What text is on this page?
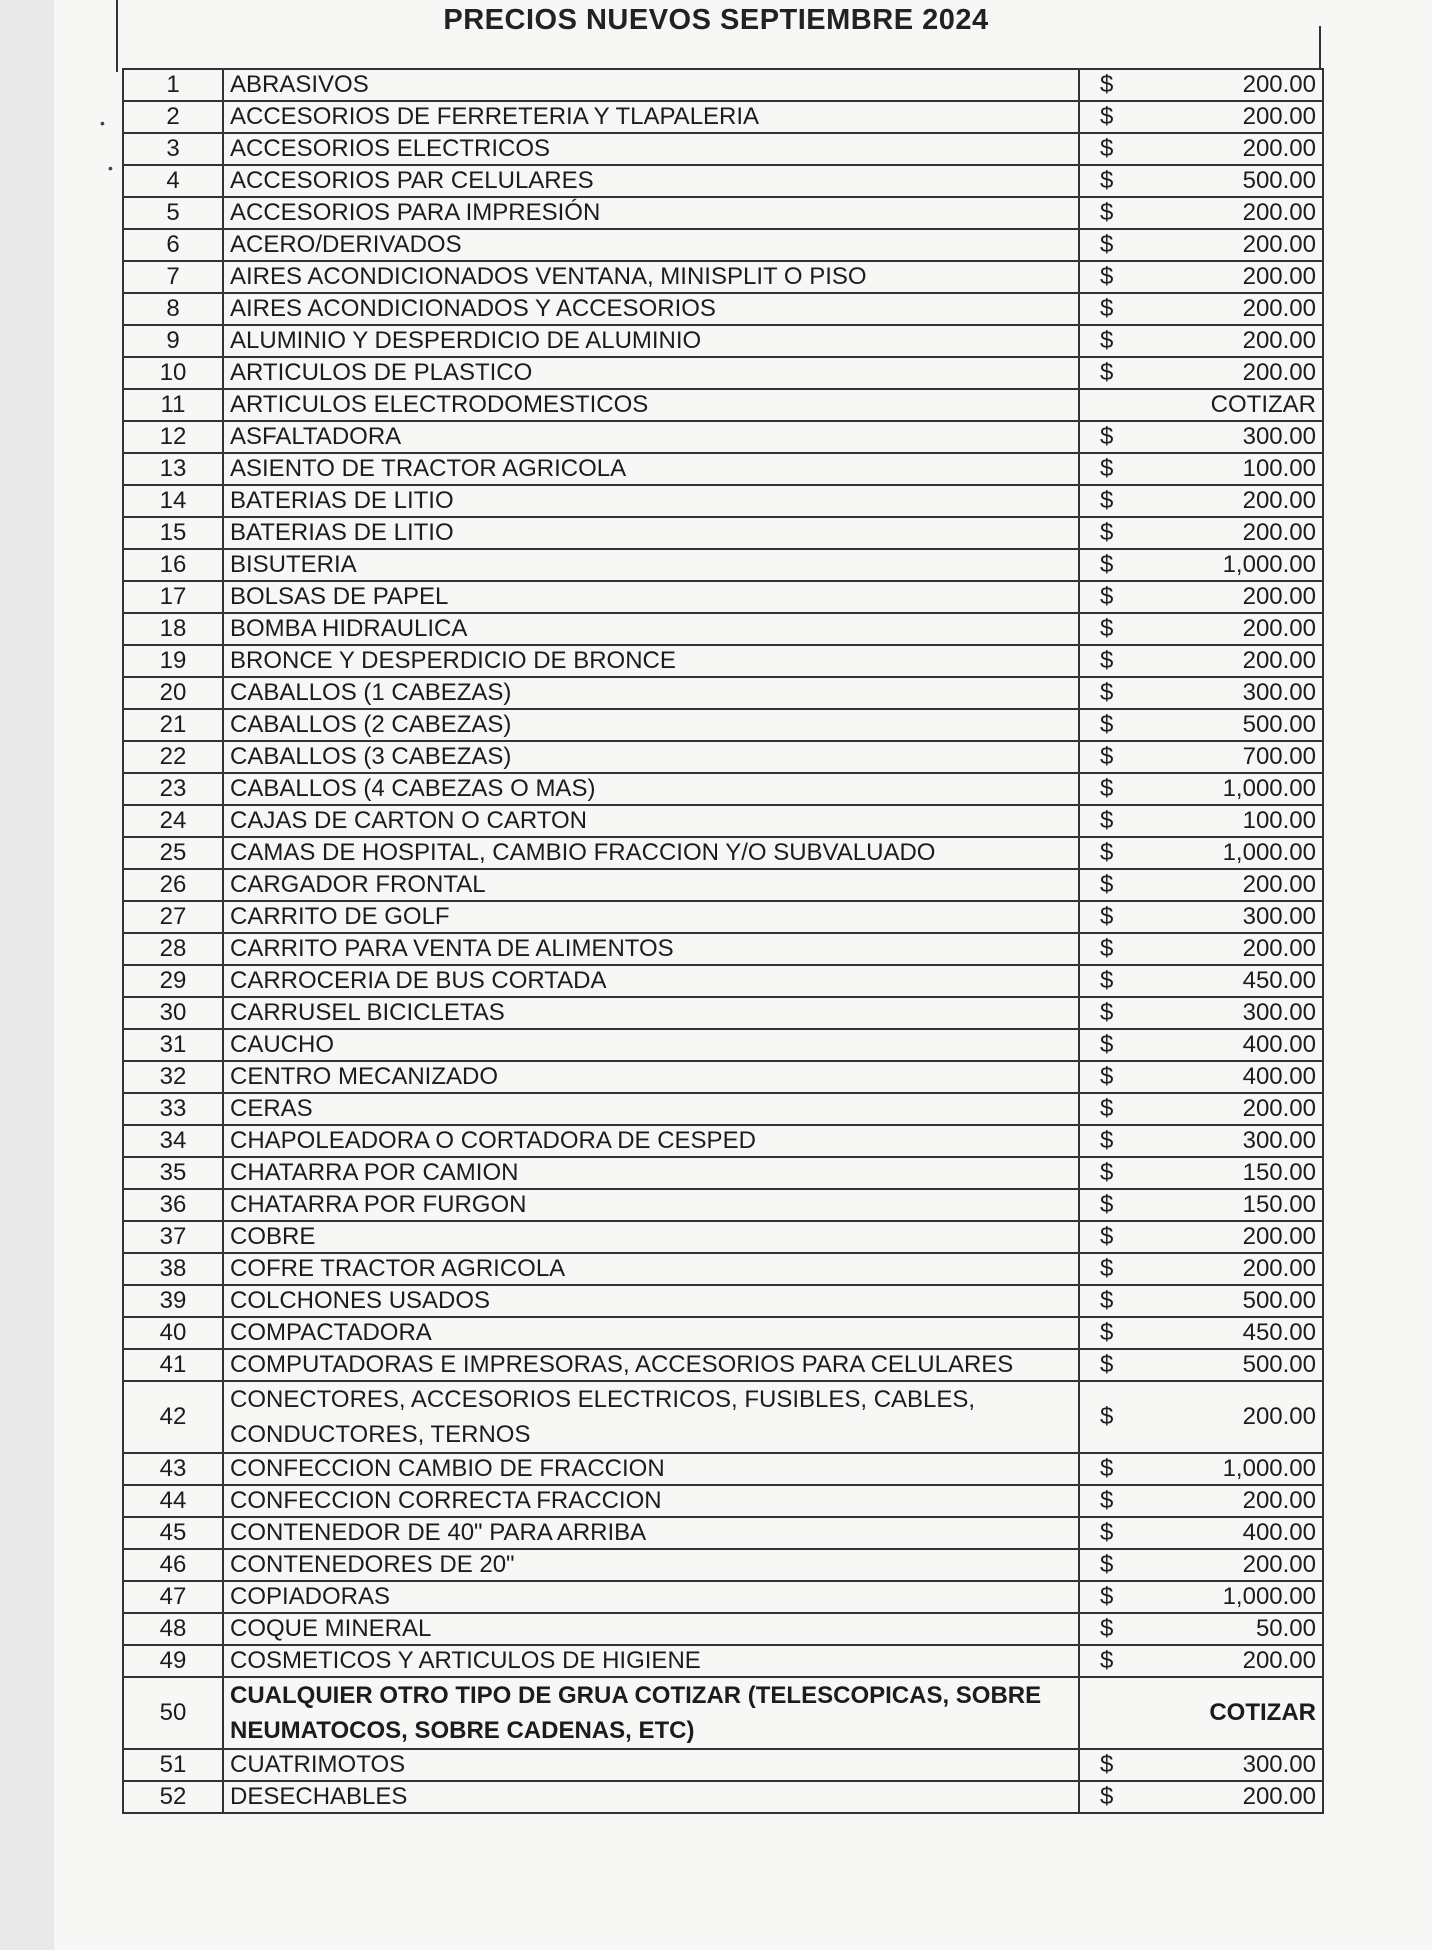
PRECIOS NUEVOS SEPTIEMBRE 2024
•
•
1	ABRASIVOS	$ 200.00
2	ACCESORIOS DE FERRETERIA Y TLAPALERIA	$ 200.00
3	ACCESORIOS ELECTRICOS	$ 200.00
4	ACCESORIOS PAR CELULARES	$ 500.00
5	ACCESORIOS PARA IMPRESIÓN	$ 200.00
6	ACERO/DERIVADOS	$ 200.00
7	AIRES ACONDICIONADOS VENTANA, MINISPLIT O PISO	$ 200.00
8	AIRES ACONDICIONADOS Y ACCESORIOS	$ 200.00
9	ALUMINIO Y DESPERDICIO DE ALUMINIO	$ 200.00
10	ARTICULOS DE PLASTICO	$ 200.00
11	ARTICULOS ELECTRODOMESTICOS	COTIZAR
12	ASFALTADORA	$ 300.00
13	ASIENTO DE TRACTOR AGRICOLA	$ 100.00
14	BATERIAS DE LITIO	$ 200.00
15	BATERIAS DE LITIO	$ 200.00
16	BISUTERIA	$ 1,000.00
17	BOLSAS DE PAPEL	$ 200.00
18	BOMBA HIDRAULICA	$ 200.00
19	BRONCE Y DESPERDICIO DE BRONCE	$ 200.00
20	CABALLOS (1 CABEZAS)	$ 300.00
21	CABALLOS (2 CABEZAS)	$ 500.00
22	CABALLOS (3 CABEZAS)	$ 700.00
23	CABALLOS (4 CABEZAS O MAS)	$ 1,000.00
24	CAJAS DE CARTON O CARTON	$ 100.00
25	CAMAS DE HOSPITAL, CAMBIO FRACCION Y/O SUBVALUADO	$ 1,000.00
26	CARGADOR FRONTAL	$ 200.00
27	CARRITO DE GOLF	$ 300.00
28	CARRITO PARA VENTA DE ALIMENTOS	$ 200.00
29	CARROCERIA DE BUS CORTADA	$ 450.00
30	CARRUSEL BICICLETAS	$ 300.00
31	CAUCHO	$ 400.00
32	CENTRO MECANIZADO	$ 400.00
33	CERAS	$ 200.00
34	CHAPOLEADORA O CORTADORA DE CESPED	$ 300.00
35	CHATARRA POR CAMION	$ 150.00
36	CHATARRA POR FURGON	$ 150.00
37	COBRE	$ 200.00
38	COFRE TRACTOR AGRICOLA	$ 200.00
39	COLCHONES USADOS	$ 500.00
40	COMPACTADORA	$ 450.00
41	COMPUTADORAS E IMPRESORAS, ACCESORIOS PARA CELULARES	$ 500.00
42	CONECTORES, ACCESORIOS ELECTRICOS, FUSIBLES, CABLES, CONDUCTORES, TERNOS	$ 200.00
43	CONFECCION CAMBIO DE FRACCION	$ 1,000.00
44	CONFECCION CORRECTA FRACCION	$ 200.00
45	CONTENEDOR DE 40" PARA ARRIBA	$ 400.00
46	CONTENEDORES DE 20"	$ 200.00
47	COPIADORAS	$ 1,000.00
48	COQUE MINERAL	$ 50.00
49	COSMETICOS Y ARTICULOS DE HIGIENE	$ 200.00
50	CUALQUIER OTRO TIPO DE GRUA COTIZAR (TELESCOPICAS, SOBRE NEUMATOCOS, SOBRE CADENAS, ETC)	COTIZAR
51	CUATRIMOTOS	$ 300.00
52	DESECHABLES	$ 200.00
